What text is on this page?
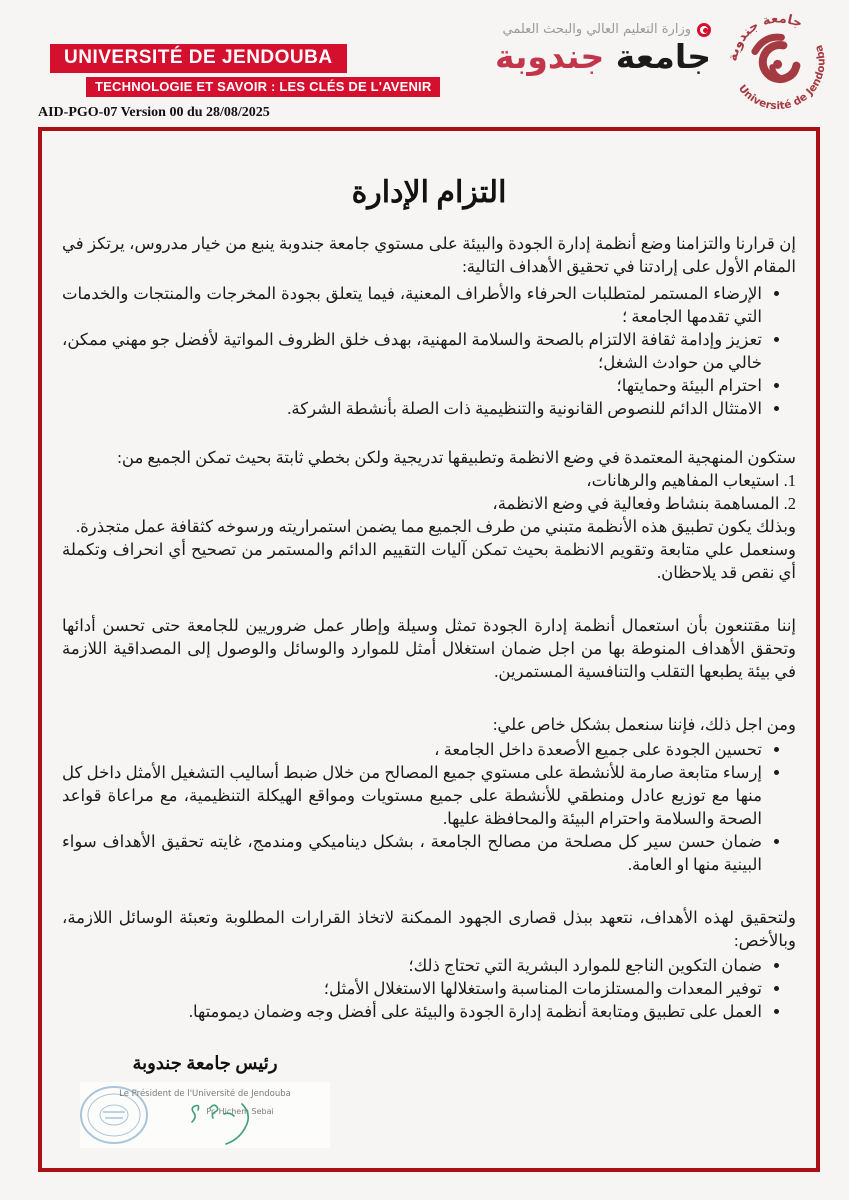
UNIVERSITÉ DE JENDOUBA
TECHNOLOGIE ET SAVOIR : LES CLÉS DE L'AVENIR
AID-PGO-07 Version 00 du 28/08/2025
وزارة التعليم العالي والبحث العلمي
جامعة جندوبة	جامعة جندوبة
Université de Jendouba
التزام الإدارة

إن قرارنا والتزامنا وضع أنظمة إدارة الجودة والبيئة على مستوي جامعة جندوبة ينبع من خيار مدروس، يرتكز في المقام الأول على إرادتنا في تحقيق الأهداف التالية:

• الإرضاء المستمر لمتطلبات الحرفاء والأطراف المعنية، فيما يتعلق بجودة المخرجات والمنتجات والخدمات التي تقدمها الجامعة ؛
• تعزيز وإدامة ثقافة الالتزام بالصحة والسلامة المهنية، بهدف خلق الظروف المواتية لأفضل جو مهني ممكن، خالي من حوادث الشغل؛
• احترام البيئة وحمايتها؛
• الامتثال الدائم للنصوص القانونية والتنظيمية ذات الصلة بأنشطة الشركة.

ستكون المنهجية المعتمدة في وضع الانظمة وتطبيقها تدريجية ولكن بخطي ثابتة بحيث تمكن الجميع من:

استيعاب المفاهيم والرهانات،
المساهمة بنشاط وفعالية في وضع الانظمة،

وبذلك يكون تطبيق هذه الأنظمة متبني من طرف الجميع مما يضمن استمراريته ورسوخه كثقافة عمل متجذرة.

وسنعمل علي متابعة وتقويم الانظمة بحيث تمكن آليات التقييم الدائم والمستمر من تصحيح أي انحراف وتكملة أي نقص قد يلاحظان.

إننا مقتنعون بأن استعمال أنظمة إدارة الجودة تمثل وسيلة وإطار عمل ضروريين للجامعة حتى تحسن أدائها وتحقق الأهداف المنوطة بها من اجل ضمان استغلال أمثل للموارد والوسائل والوصول إلى المصداقية اللازمة في بيئة يطبعها التقلب والتنافسية المستمرين.

ومن اجل ذلك، فإننا سنعمل بشكل خاص علي:

• تحسين الجودة على جميع الأصعدة داخل الجامعة ،
• إرساء متابعة صارمة للأنشطة على مستوي جميع المصالح من خلال ضبط أساليب التشغيل الأمثل داخل كل منها مع توزيع عادل ومنطقي للأنشطة على جميع مستويات ومواقع الهيكلة التنظيمية، مع مراعاة قواعد الصحة والسلامة واحترام البيئة والمحافظة عليها.
• ضمان حسن سير كل مصلحة من مصالح الجامعة ، بشكل ديناميكي ومندمج، غايته تحقيق الأهداف سواء البينية منها او العامة.

ولتحقيق لهذه الأهداف، نتعهد ببذل قصارى الجهود الممكنة لاتخاذ القرارات المطلوبة وتعبئة الوسائل اللازمة، وبالأخص:

• ضمان التكوين الناجع للموارد البشرية التي تحتاج ذلك؛
• توفير المعدات والمستلزمات المناسبة واستغلالها الاستغلال الأمثل؛
• العمل على تطبيق ومتابعة أنظمة إدارة الجودة والبيئة على أفضل وجه وضمان ديمومتها.
رئيس جامعة جندوبة
Le Président de l'Université de Jendouba
Pr. Hichem Sebai
